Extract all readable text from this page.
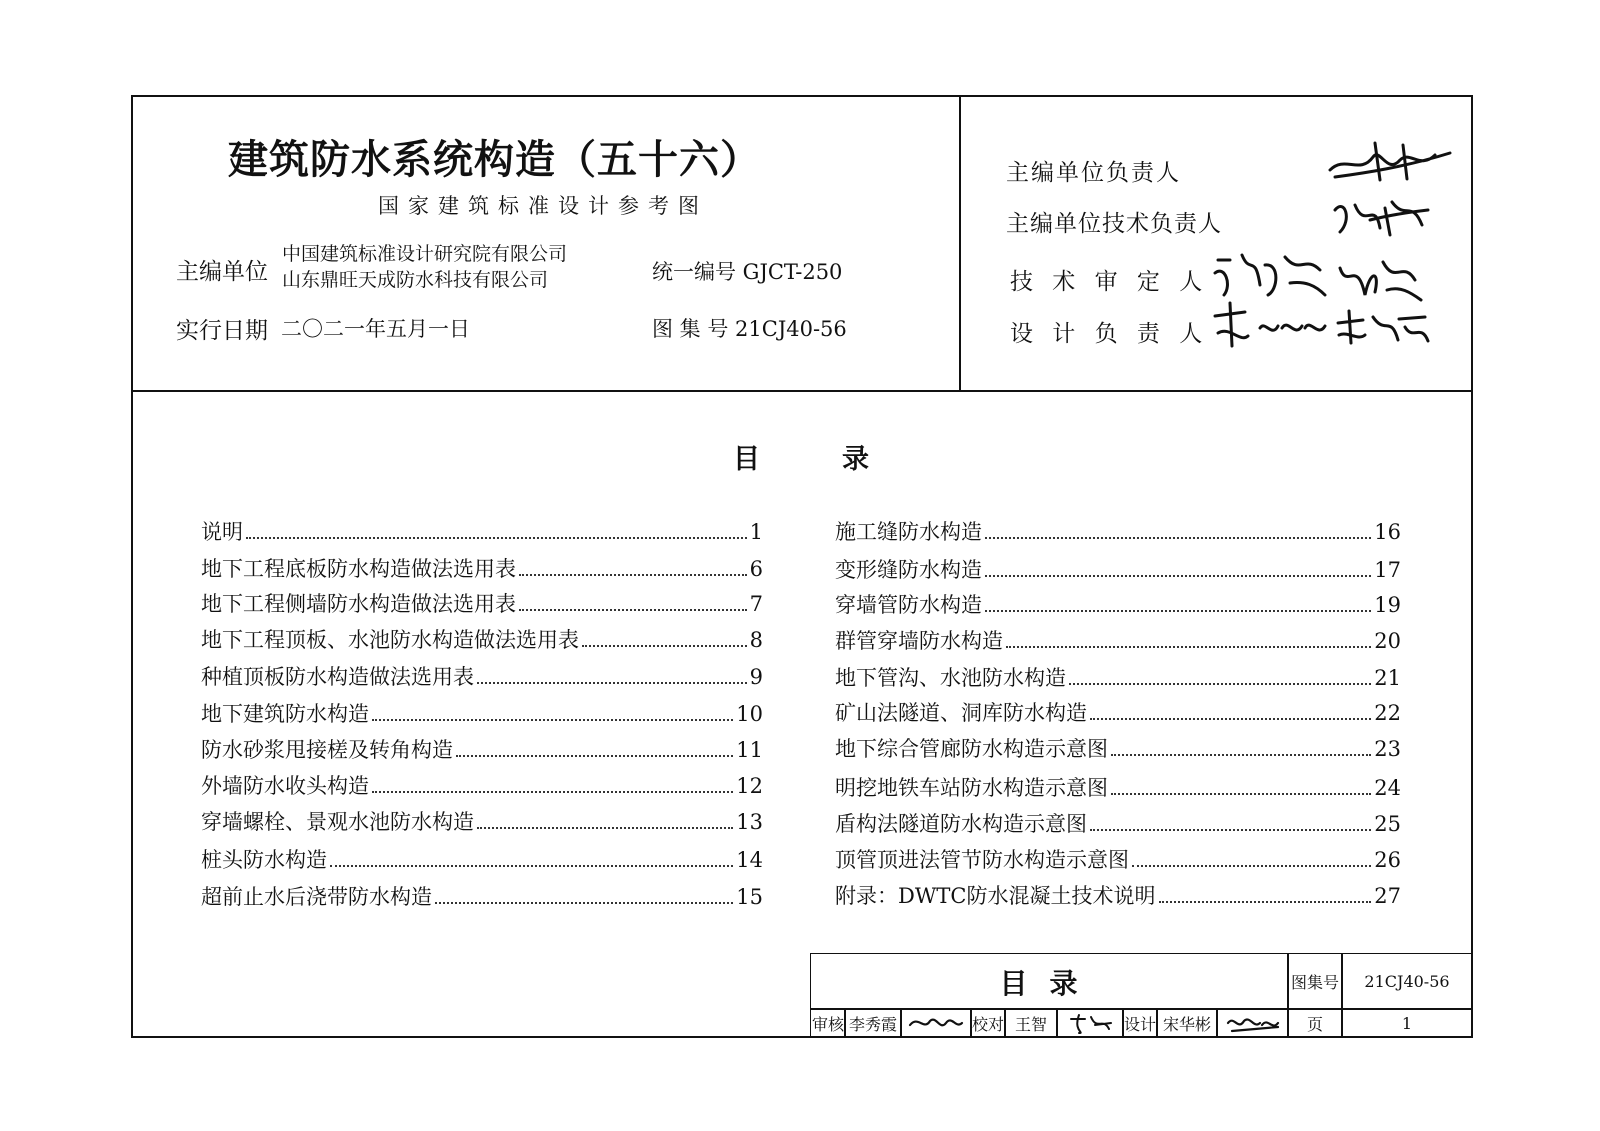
建筑防水系统构造（五十六）
国家建筑标准设计参考图
主编单位
中国建筑标准设计研究院有限公司
山东鼎旺天成防水科技有限公司
实行日期 二〇二一年五月一日
统一编号 GJCT-250
图 集 号 21CJ40-56
主编单位负责人
主编单位技术负责人
技 术 审 定 人
设 计 负 责 人
目录
说明	1
地下工程底板防水构造做法选用表	6
地下工程侧墙防水构造做法选用表	7
地下工程顶板、水池防水构造做法选用表	8
种植顶板防水构造做法选用表	9
地下建筑防水构造	10
防水砂浆甩接槎及转角构造	11
外墙防水收头构造	12
穿墙螺栓、景观水池防水构造	13
桩头防水构造	14
超前止水后浇带防水构造	15
施工缝防水构造	16
变形缝防水构造	17
穿墙管防水构造	19
群管穿墙防水构造	20
地下管沟、水池防水构造	21
矿山法隧道、洞库防水构造	22
地下综合管廊防水构造示意图	23
明挖地铁车站防水构造示意图	24
盾构法隧道防水构造示意图	25
顶管顶进法管节防水构造示意图	26
附录：DWTC防水混凝土技术说明	27
目录	图集号	21CJ40-56
审核 李秀霞	校对 王智	设计 宋华彬	页	1
